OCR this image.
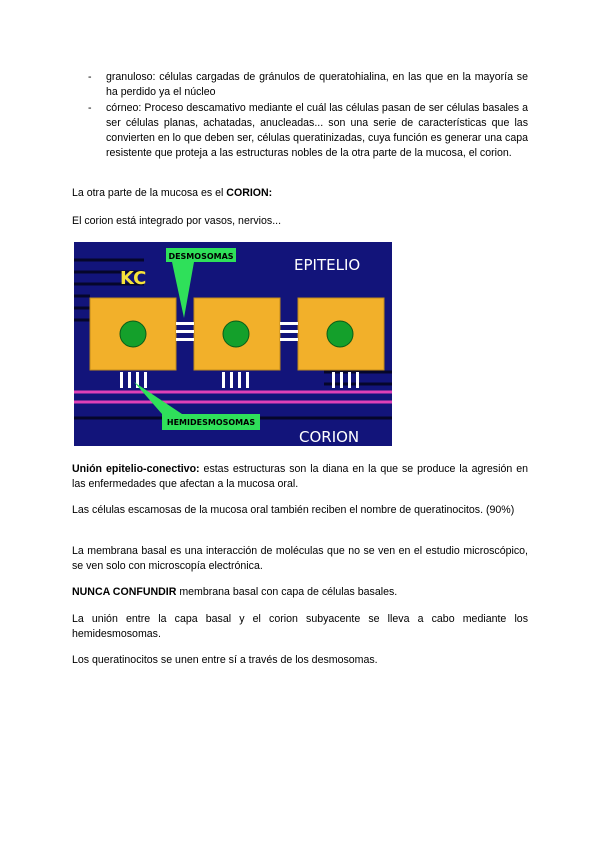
- granuloso: células cargadas de gránulos de queratohialina, en las que en la mayoría se ha perdido ya el núcleo
- córneo: Proceso descamativo mediante el cuál las células pasan de ser células basales a ser células planas, achatadas, anucleadas... son una serie de características que las convierten en lo que deben ser, células queratinizadas, cuya función es generar una capa resistente que proteja a las estructuras nobles de la otra parte de la mucosa, el corion.

La otra parte de la mucosa es el CORION:

El corion está integrado por vasos, nervios...

DESMOSOMAS
HEMIDESMOSOMAS
KC
EPITELIO
CORION

Unión epitelio-conectivo: estas estructuras son la diana en la que se produce la agresión en las enfermedades que afectan a la mucosa oral.

Las células escamosas de la mucosa oral también reciben el nombre de queratinocitos. (90%)

La membrana basal es una interacción de moléculas que no se ven en el estudio microscópico, se ven solo con microscopía electrónica.

NUNCA CONFUNDIR membrana basal con capa de células basales.

La unión entre la capa basal y el corion subyacente se lleva a cabo mediante los hemidesmosomas.

Los queratinocitos se unen entre sí a través de los desmosomas.
